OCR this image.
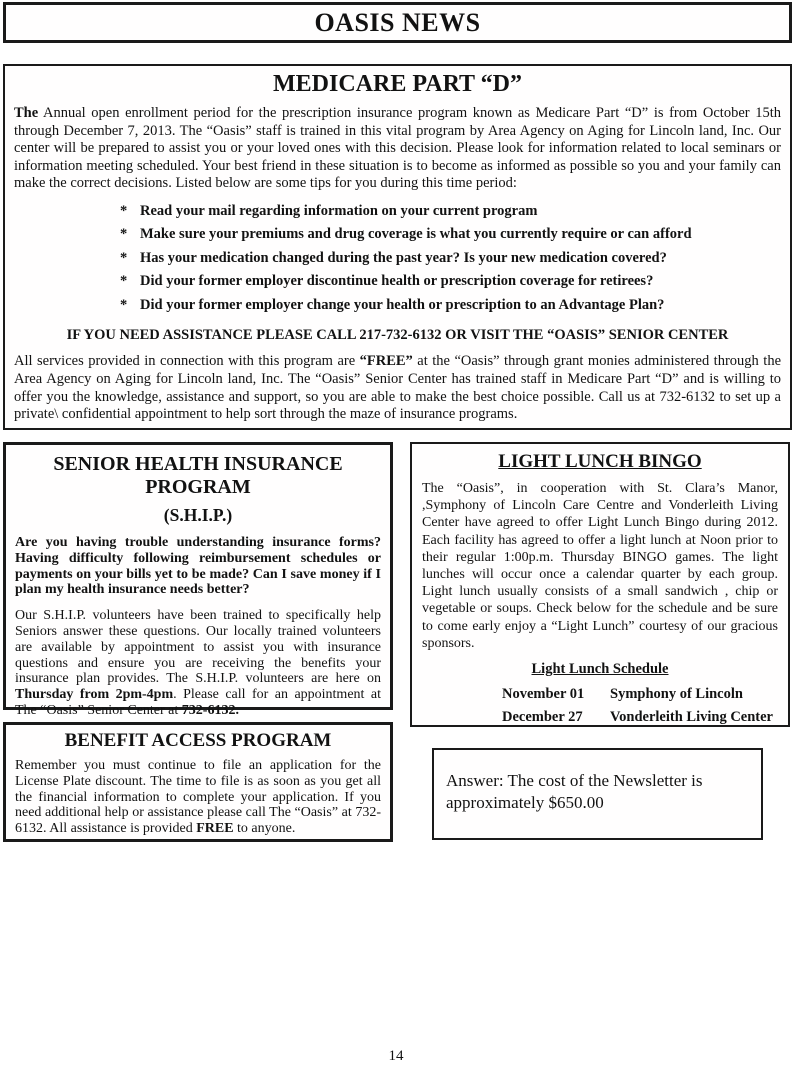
OASIS NEWS
MEDICARE PART “D”

The Annual open enrollment period for the prescription insurance program known as Medicare Part “D” is from October 15th through December 7, 2013. The “Oasis” staff is trained in this vital program by Area Agency on Aging for Lincoln land, Inc. Our center will be prepared to assist you or your loved ones with this decision. Please look for information related to local seminars or information meeting scheduled. Your best friend in these situation is to become as informed as possible so you and your family can make the correct decisions. Listed below are some tips for you during this time period:

* Read your mail regarding information on your current program
* Make sure your premiums and drug coverage is what you currently require or can afford
* Has your medication changed during the past year? Is your new medication covered?
* Did your former employer discontinue health or prescription coverage for retirees?
* Did your former employer change your health or prescription to an Advantage Plan?

IF YOU NEED ASSISTANCE PLEASE CALL 217-732-6132 OR VISIT THE “OASIS” SENIOR CENTER

All services provided in connection with this program are “FREE” at the “Oasis” through grant monies administered through the Area Agency on Aging for Lincoln land, Inc. The “Oasis” Senior Center has trained staff in Medicare Part “D” and is willing to offer you the knowledge, assistance and support, so you are able to make the best choice possible. Call us at 732-6132 to set up a private\ confidential appointment to help sort through the maze of insurance programs.

SENIOR HEALTH INSURANCE PROGRAM
(S.H.I.P.)

Are you having trouble understanding insurance forms? Having difficulty following reimbursement schedules or payments on your bills yet to be made? Can I save money if I plan my health insurance needs better?

Our S.H.I.P. volunteers have been trained to specifically help Seniors answer these questions. Our locally trained volunteers are available by appointment to assist you with insurance questions and ensure you are receiving the benefits your insurance plan provides. The S.H.I.P. volunteers are here on Thursday from 2pm-4pm. Please call for an appointment at The “Oasis” Senior Center at 732-6132.

LIGHT LUNCH BINGO

The “Oasis”, in cooperation with St. Clara’s Manor, ,Symphony of Lincoln Care Centre and Vonderleith Living Center have agreed to offer Light Lunch Bingo during 2012. Each facility has agreed to offer a light lunch at Noon prior to their regular 1:00p.m. Thursday BINGO games. The light lunches will occur once a calendar quarter by each group. Light lunch usually consists of a small sandwich , chip or vegetable or soups. Check below for the schedule and be sure to come early enjoy a “Light Lunch” courtesy of our gracious sponsors.

Light Lunch Schedule
November 01	Symphony of Lincoln
December 27	Vonderleith Living Center
BENEFIT ACCESS PROGRAM

Remember you must continue to file an application for the License Plate discount. The time to file is as soon as you get all the financial information to complete your application. If you need additional help or assistance please call The “Oasis” at 732-6132. All assistance is provided FREE to anyone.

Answer: The cost of the Newsletter is approximately $650.00

14
